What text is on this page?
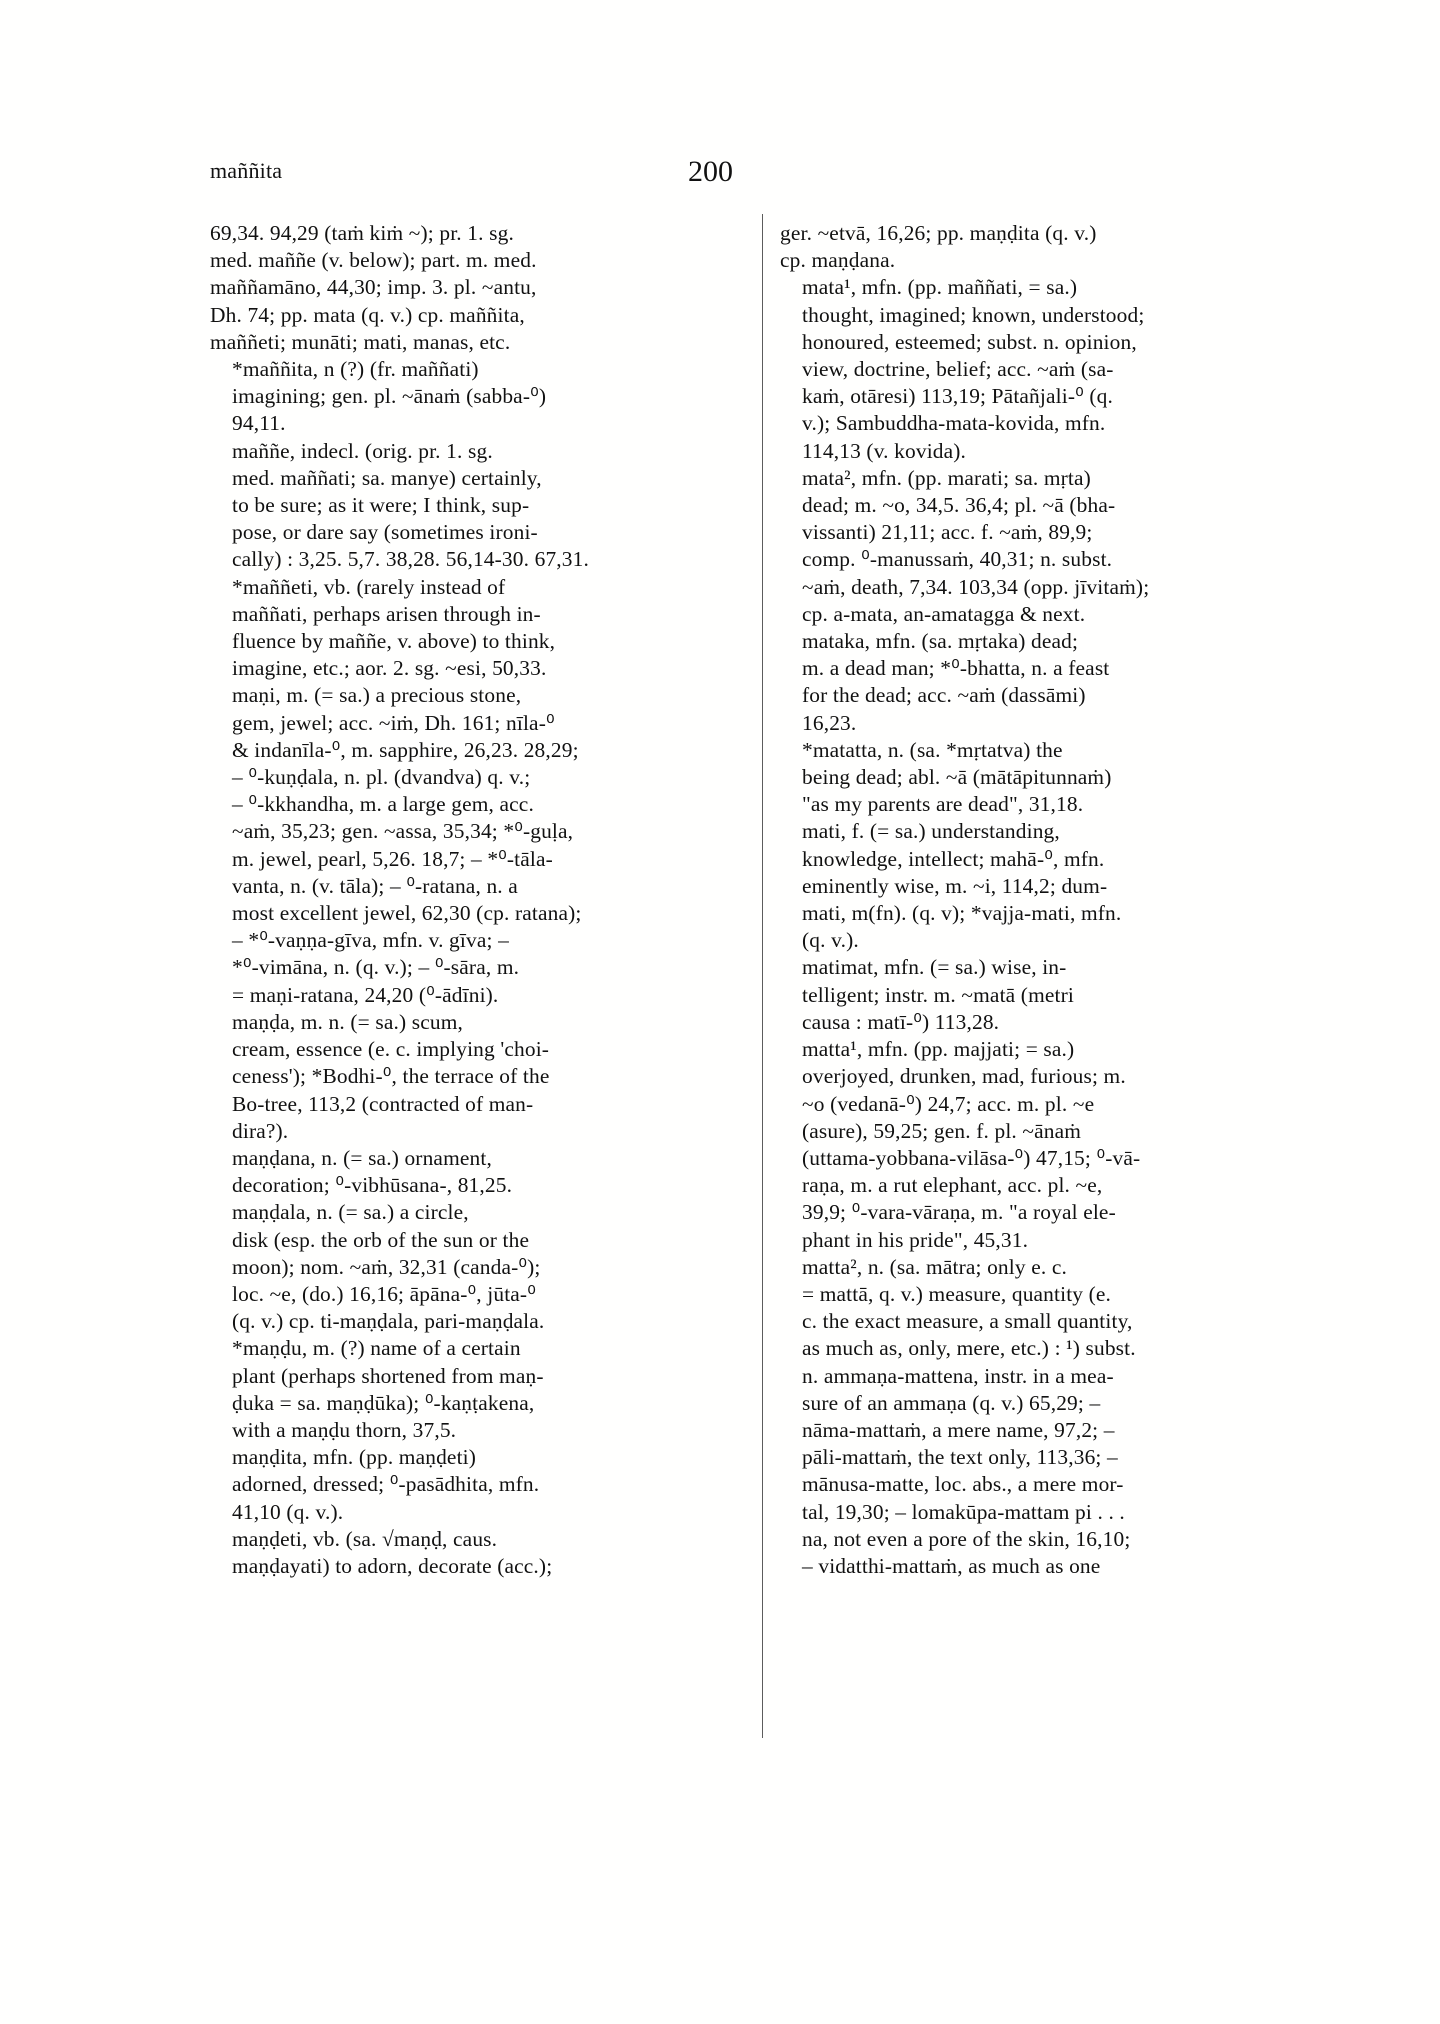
maññita	200
69,34. 94,29 (taṁ kiṁ ~); pr. 1. sg.
med. maññe (v. below); part. m. med.
maññamāno, 44,30; imp. 3. pl. ~antu,
Dh. 74; pp. mata (q. v.) cp. maññita,
maññeti; munāti; mati, manas, etc.
*maññita, n (?) (fr. maññati)
imagining; gen. pl. ~ānaṁ (sabba-⁰)
94,11.
maññe, indecl. (orig. pr. 1. sg.
med. maññati; sa. manye) certainly,
to be sure; as it were; I think, sup-
pose, or dare say (sometimes ironi-
cally) : 3,25. 5,7. 38,28. 56,14-30. 67,31.
*maññeti, vb. (rarely instead of
maññati, perhaps arisen through in-
fluence by maññe, v. above) to think,
imagine, etc.; aor. 2. sg. ~esi, 50,33.
maṇi, m. (= sa.) a precious stone,
gem, jewel; acc. ~iṁ, Dh. 161; nīla-⁰
& indanīla-⁰, m. sapphire, 26,23. 28,29;
– ⁰-kuṇḍala, n. pl. (dvandva) q. v.;
– ⁰-kkhandha, m. a large gem, acc.
~aṁ, 35,23; gen. ~assa, 35,34; *⁰-guḷa,
m. jewel, pearl, 5,26. 18,7; – *⁰-tāla-
vanta, n. (v. tāla); – ⁰-ratana, n. a
most excellent jewel, 62,30 (cp. ratana);
– *⁰-vaṇṇa-gīva, mfn. v. gīva; –
*⁰-vimāna, n. (q. v.); – ⁰-sāra, m.
= maṇi-ratana, 24,20 (⁰-ādīni).
maṇḍa, m. n. (= sa.) scum,
cream, essence (e. c. implying 'choi-
ceness'); *Bodhi-⁰, the terrace of the
Bo-tree, 113,2 (contracted of man-
dira?).
maṇḍana, n. (= sa.) ornament,
decoration; ⁰-vibhūsana-, 81,25.
maṇḍala, n. (= sa.) a circle,
disk (esp. the orb of the sun or the
moon); nom. ~aṁ, 32,31 (canda-⁰);
loc. ~e, (do.) 16,16; āpāna-⁰, jūta-⁰
(q. v.) cp. ti-maṇḍala, pari-maṇḍala.
*maṇḍu, m. (?) name of a certain
plant (perhaps shortened from maṇ-
ḍuka = sa. maṇḍūka); ⁰-kaṇṭakena,
with a maṇḍu thorn, 37,5.
maṇḍita, mfn. (pp. maṇḍeti)
adorned, dressed; ⁰-pasādhita, mfn.
41,10 (q. v.).
maṇḍeti, vb. (sa. √maṇḍ, caus.
maṇḍayati) to adorn, decorate (acc.);
ger. ~etvā, 16,26; pp. maṇḍita (q. v.)
cp. maṇḍana.
mata¹, mfn. (pp. maññati, = sa.)
thought, imagined; known, understood;
honoured, esteemed; subst. n. opinion,
view, doctrine, belief; acc. ~aṁ (sa-
kaṁ, otāresi) 113,19; Pātañjali-⁰ (q.
v.); Sambuddha-mata-kovida, mfn.
114,13 (v. kovida).
mata², mfn. (pp. marati; sa. mṛta)
dead; m. ~o, 34,5. 36,4; pl. ~ā (bha-
vissanti) 21,11; acc. f. ~aṁ, 89,9;
comp. ⁰-manussaṁ, 40,31; n. subst.
~aṁ, death, 7,34. 103,34 (opp. jīvitaṁ);
cp. a-mata, an-amatagga & next.
mataka, mfn. (sa. mṛtaka) dead;
m. a dead man; *⁰-bhatta, n. a feast
for the dead; acc. ~aṁ (dassāmi)
16,23.
*matatta, n. (sa. *mṛtatva) the
being dead; abl. ~ā (mātāpitunnaṁ)
"as my parents are dead", 31,18.
mati, f. (= sa.) understanding,
knowledge, intellect; mahā-⁰, mfn.
eminently wise, m. ~i, 114,2; dum-
mati, m(fn). (q. v); *vajja-mati, mfn.
(q. v.).
matimat, mfn. (= sa.) wise, in-
telligent; instr. m. ~matā (metri
causa : matī-⁰) 113,28.
matta¹, mfn. (pp. majjati; = sa.)
overjoyed, drunken, mad, furious; m.
~o (vedanā-⁰) 24,7; acc. m. pl. ~e
(asure), 59,25; gen. f. pl. ~ānaṁ
(uttama-yobbana-vilāsa-⁰) 47,15; ⁰-vā-
raṇa, m. a rut elephant, acc. pl. ~e,
39,9; ⁰-vara-vāraṇa, m. "a royal ele-
phant in his pride", 45,31.
matta², n. (sa. mātra; only e. c.
= mattā, q. v.) measure, quantity (e.
c. the exact measure, a small quantity,
as much as, only, mere, etc.) : ¹) subst.
n. ammaṇa-mattena, instr. in a mea-
sure of an ammaṇa (q. v.) 65,29; –
nāma-mattaṁ, a mere name, 97,2; –
pāli-mattaṁ, the text only, 113,36; –
mānusa-matte, loc. abs., a mere mor-
tal, 19,30; – lomakūpa-mattam pi . . .
na, not even a pore of the skin, 16,10;
– vidatthi-mattaṁ, as much as one
